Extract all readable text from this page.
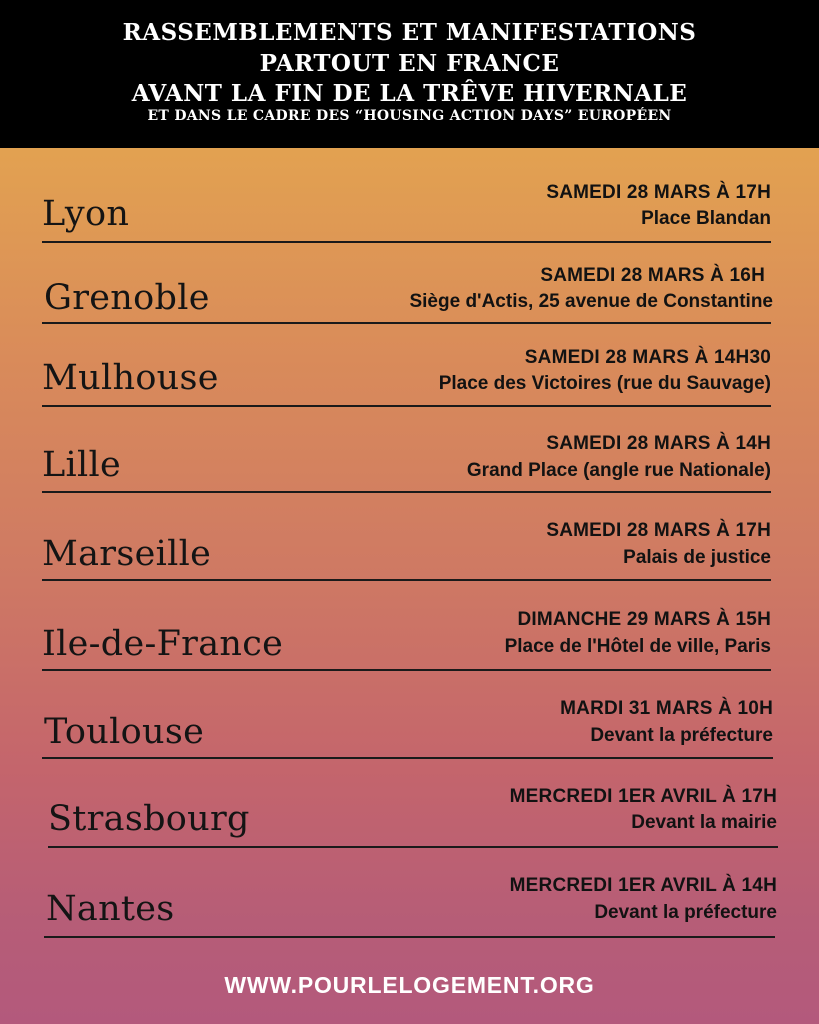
RASSEMBLEMENTS ET MANIFESTATIONS
PARTOUT EN FRANCE
AVANT LA FIN DE LA TRÊVE HIVERNALE
ET DANS LE CADRE DES “HOUSING ACTION DAYS” EUROPÉEN
Lyon
SAMEDI 28 MARS À 17H
Place Blandan
Grenoble
SAMEDI 28 MARS À 16H
Siège d'Actis, 25 avenue de Constantine
Mulhouse
SAMEDI 28 MARS À 14H30
Place des Victoires (rue du Sauvage)
Lille
SAMEDI 28 MARS À 14H
Grand Place (angle rue Nationale)
Marseille
SAMEDI 28 MARS À 17H
Palais de justice
Ile-de-France
DIMANCHE 29 MARS À 15H
Place de l'Hôtel de ville, Paris
Toulouse
MARDI 31 MARS À 10H
Devant la préfecture
Strasbourg
MERCREDI 1ER AVRIL À 17H
Devant la mairie
Nantes
MERCREDI 1ER AVRIL À 14H
Devant la préfecture
WWW.POURLELOGEMENT.ORG
